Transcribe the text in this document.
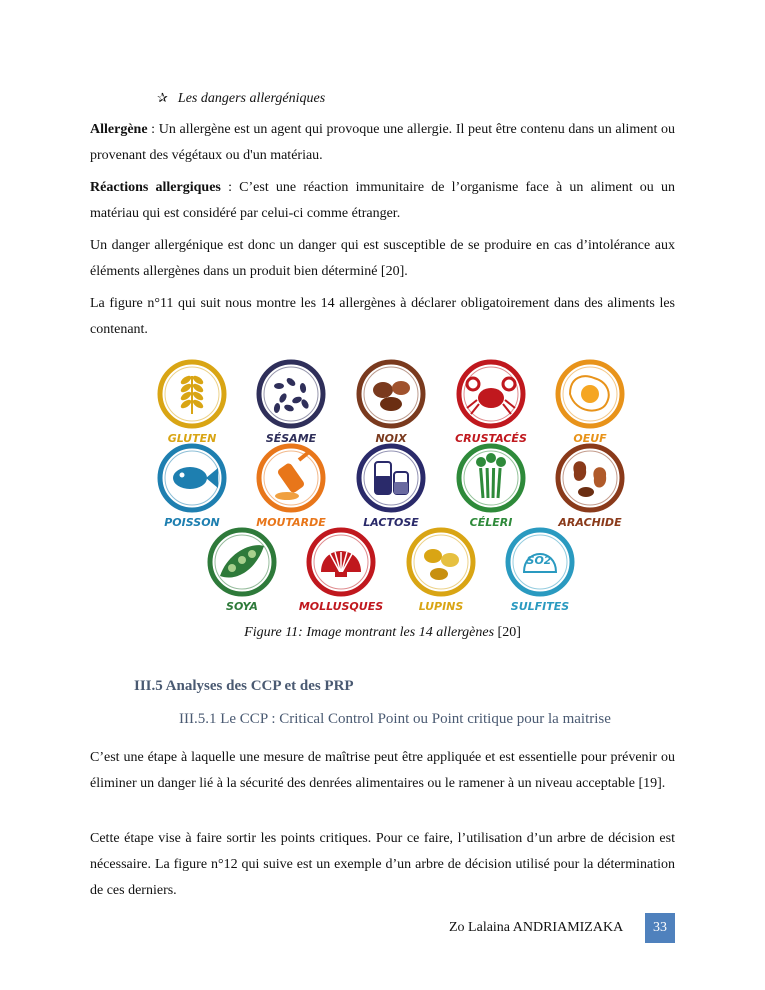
✰ Les dangers allergéniques
Allergène : Un allergène est un agent qui provoque une allergie. Il peut être contenu dans un aliment ou provenant des végétaux ou d'un matériau.
Réactions allergiques : C’est une réaction immunitaire de l’organisme face à un aliment ou un matériau qui est considéré par celui-ci comme étranger.
Un danger allergénique est donc un danger qui est susceptible de se produire en cas d’intolérance aux éléments allergènes dans un produit bien déterminé [20].
La figure n°11 qui suit nous montre les 14 allergènes à déclarer obligatoirement dans des aliments les contenant.
GLUTEN	SÉSAME	NOIX	CRUSTACÉS	OEUF
POISSON	MOUTARDE	LACTOSE	CÉLERI	ARACHIDE
SOYA	MOLLUSQUES	LUPINS
SO2
SULFITES
Figure 11: Image montrant les 14 allergènes [20]
III.5 Analyses des CCP et des PRP
III.5.1 Le CCP : Critical Control Point ou Point critique pour la maitrise
C’est une étape à laquelle une mesure de maîtrise peut être appliquée et est essentielle pour prévenir ou éliminer un danger lié à la sécurité des denrées alimentaires ou le ramener à un niveau acceptable [19].
Cette étape vise à faire sortir les points critiques. Pour ce faire, l’utilisation d’un arbre de décision est nécessaire. La figure n°12 qui suive est un exemple d’un arbre de décision utilisé pour la détermination de ces derniers.
Zo Lalaina ANDRIAMIZAKA	33
